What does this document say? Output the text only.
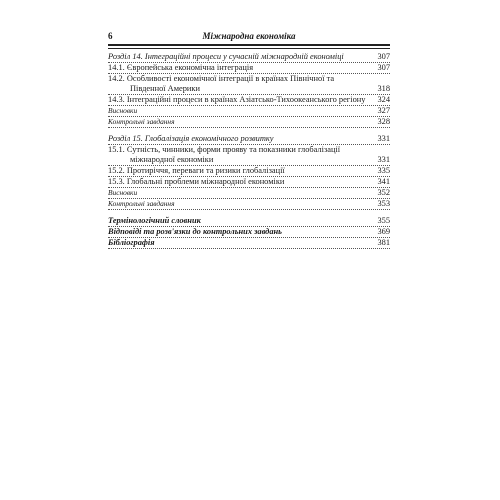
6	Міжнародна економіка
Розділ 14. Інтеграційні процеси у сучасній міжнародній економіці	307
14.1. Європейська економічна інтеграція	307
14.2. Особливості економічної інтеграції в країнах Північної та Південної Америки	318
14.3. Інтеграційні процеси в країнах Азіатсько-Тихоокеанського регіону	324
Висновки	327
Контрольні завдання	328
Розділ 15. Глобалізація економічного розвитку	331
15.1. Сутність, чинники, форми прояву та показники глобалізації міжнародної економіки	331
15.2. Протиріччя, переваги та ризики глобалізації	335
15.3. Глобальні проблеми міжнародної економіки	341
Висновки	352
Контрольні завдання	353
Термінологічний словник	355
Відповіді та розв'язки до контрольних завдань	369
Бібліографія	381
